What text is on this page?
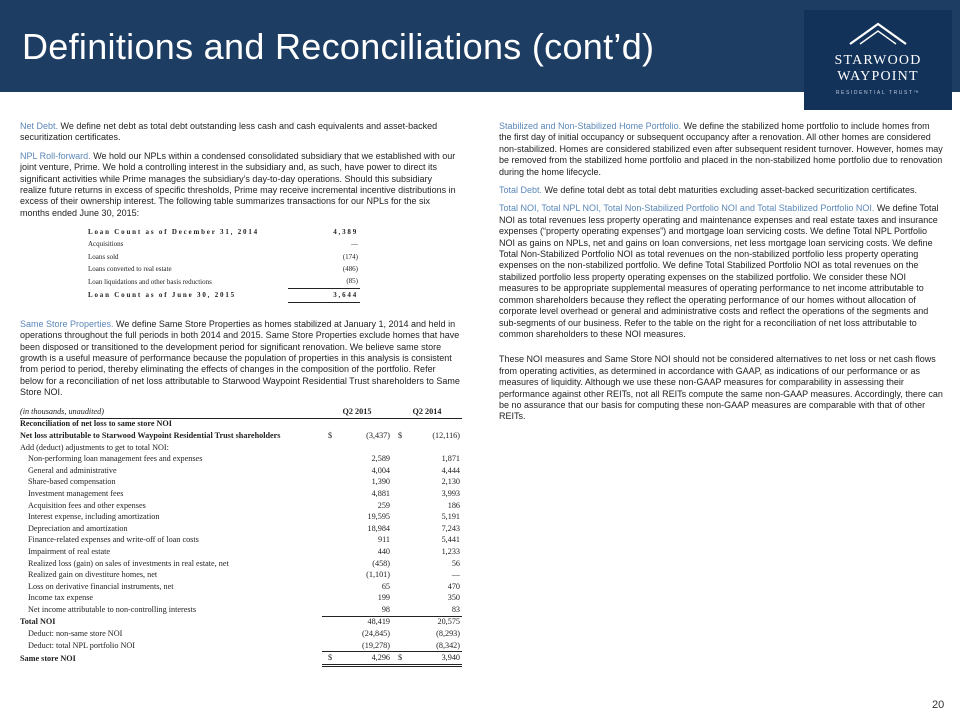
Definitions and Reconciliations (cont’d)	STARWOOD
WAYPOINT
RESIDENTIAL TRUST™

Net Debt. We define net debt as total debt outstanding less cash and cash equivalents and asset-backed securitization certificates.

NPL Roll-forward. We hold our NPLs within a condensed consolidated subsidiary that we established with our joint venture, Prime. We hold a controlling interest in the subsidiary and, as such, have power to direct its significant activities while Prime manages the subsidiary’s day-to-day operations. Should this subsidiary realize future returns in excess of specific thresholds, Prime may receive incremental incentive distributions in excess of their ownership interest. The following table summarizes transactions for our NPLs for the six months ended June 30, 2015:

Loan Count as of December 31, 2014	4,389
Acquisitions	—
Loans sold	(174)
Loans converted to real estate	(486)
Loan liquidations and other basis reductions	(85)
Loan Count as of June 30, 2015	3,644

Same Store Properties. We define Same Store Properties as homes stabilized at January 1, 2014 and held in operations throughout the full periods in both 2014 and 2015. Same Store Properties exclude homes that have been disposed or transitioned to the development period for significant renovation. We believe same store growth is a useful measure of performance because the population of properties in this analysis is consistent from period to period, thereby eliminating the effects of changes in the composition of the portfolio. Refer below for a reconciliation of net loss attributable to Starwood Waypoint Residential Trust shareholders to Same Store NOI.

(in thousands, unaudited)	Q2 2015		Q2 2014	
Reconciliation of net loss to same store NOI				
Net loss attributable to Starwood Waypoint Residential Trust shareholders	$	(3,437)	$	(12,116)
Add (deduct) adjustments to get to total NOI:				
Non-performing loan management fees and expenses		2,589		1,871
General and administrative		4,004		4,444
Share-based compensation		1,390		2,130
Investment management fees		4,881		3,993
Acquisition fees and other expenses		259		186
Interest expense, including amortization		19,595		5,191
Depreciation and amortization		18,984		7,243
Finance-related expenses and write-off of loan costs		911		5,441
Impairment of real estate		440		1,233
Realized loss (gain) on sales of investments in real estate, net		(458)		56
Realized gain on divestiture homes, net		(1,101)		—
Loss on derivative financial instruments, net		65		470
Income tax expense		199		350
Net income attributable to non-controlling interests		98		83
Total NOI		48,419		20,575
Deduct: non-same store NOI		(24,845)		(8,293)
Deduct: total NPL portfolio NOI		(19,278)		(8,342)
Same store NOI	$	4,296	$	3,940

Stabilized and Non-Stabilized Home Portfolio. We define the stabilized home portfolio to include homes from the first day of initial occupancy or subsequent occupancy after a renovation. All other homes are considered non-stabilized. Homes are considered stabilized even after subsequent resident turnover. However, homes may be removed from the stabilized home portfolio and placed in the non-stabilized home portfolio due to renovation during the home lifecycle.

Total Debt. We define total debt as total debt maturities excluding asset-backed securitization certificates.

Total NOI, Total NPL NOI, Total Non-Stabilized Portfolio NOI and Total Stabilized Portfolio NOI. We define Total NOI as total revenues less property operating and maintenance expenses and real estate taxes and insurance expenses (“property operating expenses”) and mortgage loan servicing costs. We define Total NPL Portfolio NOI as gains on NPLs, net and gains on loan conversions, net less mortgage loan servicing costs. We define Total Non-Stabilized Portfolio NOI as total revenues on the non-stabilized portfolio less property operating expenses on the non-stabilized portfolio. We define Total Stabilized Portfolio NOI as total revenues on the stabilized portfolio less property operating expenses on the stabilized portfolio. We consider these NOI measures to be appropriate supplemental measures of operating performance to net income attributable to common shareholders because they reflect the operating performance of our homes without allocation of corporate level overhead or general and administrative costs and reflect the operations of the segments and sub-segments of our business. Refer to the table on the right for a reconciliation of net loss attributable to common shareholders to these NOI measures.

These NOI measures and Same Store NOI should not be considered alternatives to net loss or net cash flows from operating activities, as determined in accordance with GAAP, as indications of our performance or as measures of liquidity. Although we use these non-GAAP measures for comparability in assessing their performance against other REITs, not all REITs compute the same non-GAAP measures. Accordingly, there can be no assurance that our basis for computing these non-GAAP measures are comparable with that of other REITs.

20
